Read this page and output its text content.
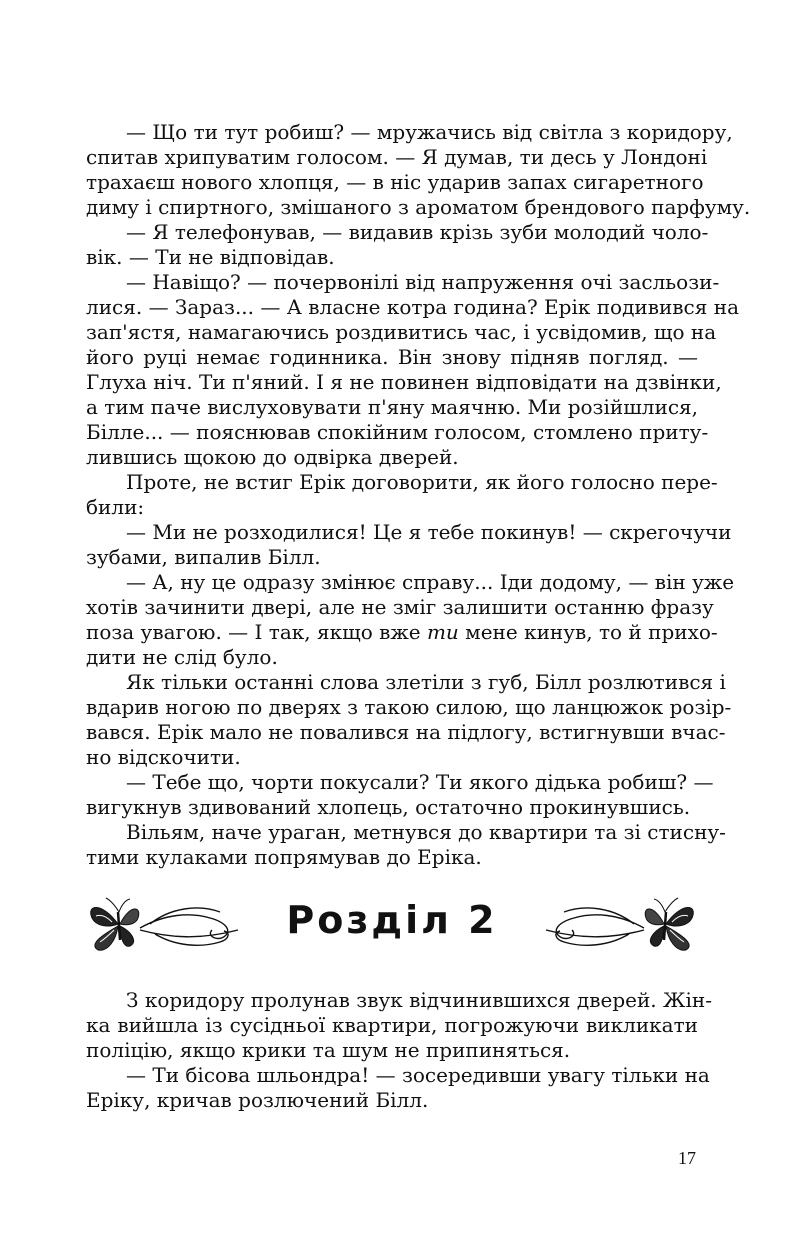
— Що ти тут робиш? — мружачись від світла з коридору,
спитав хрипуватим голосом. — Я думав, ти десь у Лондоні
трахаєш нового хлопця, — в ніс ударив запах сигаретного
диму і спиртного, змішаного з ароматом брендового парфуму.
— Я телефонував, — видавив крізь зуби молодий чоло-
вік. — Ти не відповідав.
— Навіщо? — почервонілі від напруження очі засльози-
лися. — Зараз... — А власне котра година? Ерік подивився на
зап'ястя, намагаючись роздивитись час, і усвідомив, що на
його руці немає годинника. Він знову підняв погляд. —
Глуха ніч. Ти п'яний. І я не повинен відповідати на дзвінки,
а тим паче вислуховувати п'яну маячню. Ми розійшлися,
Білле... — пояснював спокійним голосом, стомлено приту-
лившись щокою до одвірка дверей.
Проте, не встиг Ерік договорити, як його голосно пере-
били:
— Ми не розходилися! Це я тебе покинув! — скрегочучи
зубами, випалив Білл.
— А, ну це одразу змінює справу... Іди додому, — він уже
хотів зачинити двері, але не зміг залишити останню фразу
поза увагою. — І так, якщо вже ти мене кинув, то й прихо-
дити не слід було.
Як тільки останні слова злетіли з губ, Білл розлютився і
вдарив ногою по дверях з такою силою, що ланцюжок розір-
вався. Ерік мало не повалився на підлогу, встигнувши вчас-
но відскочити.
— Тебе що, чорти покусали? Ти якого дідька робиш? —
вигукнув здивований хлопець, остаточно прокинувшись.
Вільям, наче ураган, метнувся до квартири та зі стисну-
тими кулаками попрямував до Еріка.
Розділ 2
З коридору пролунав звук відчинившихся дверей. Жін-
ка вийшла із сусідньої квартири, погрожуючи викликати
поліцію, якщо крики та шум не припиняться.
— Ти бісова шльондра! — зосередивши увагу тільки на
Еріку, кричав розлючений Білл.
17
